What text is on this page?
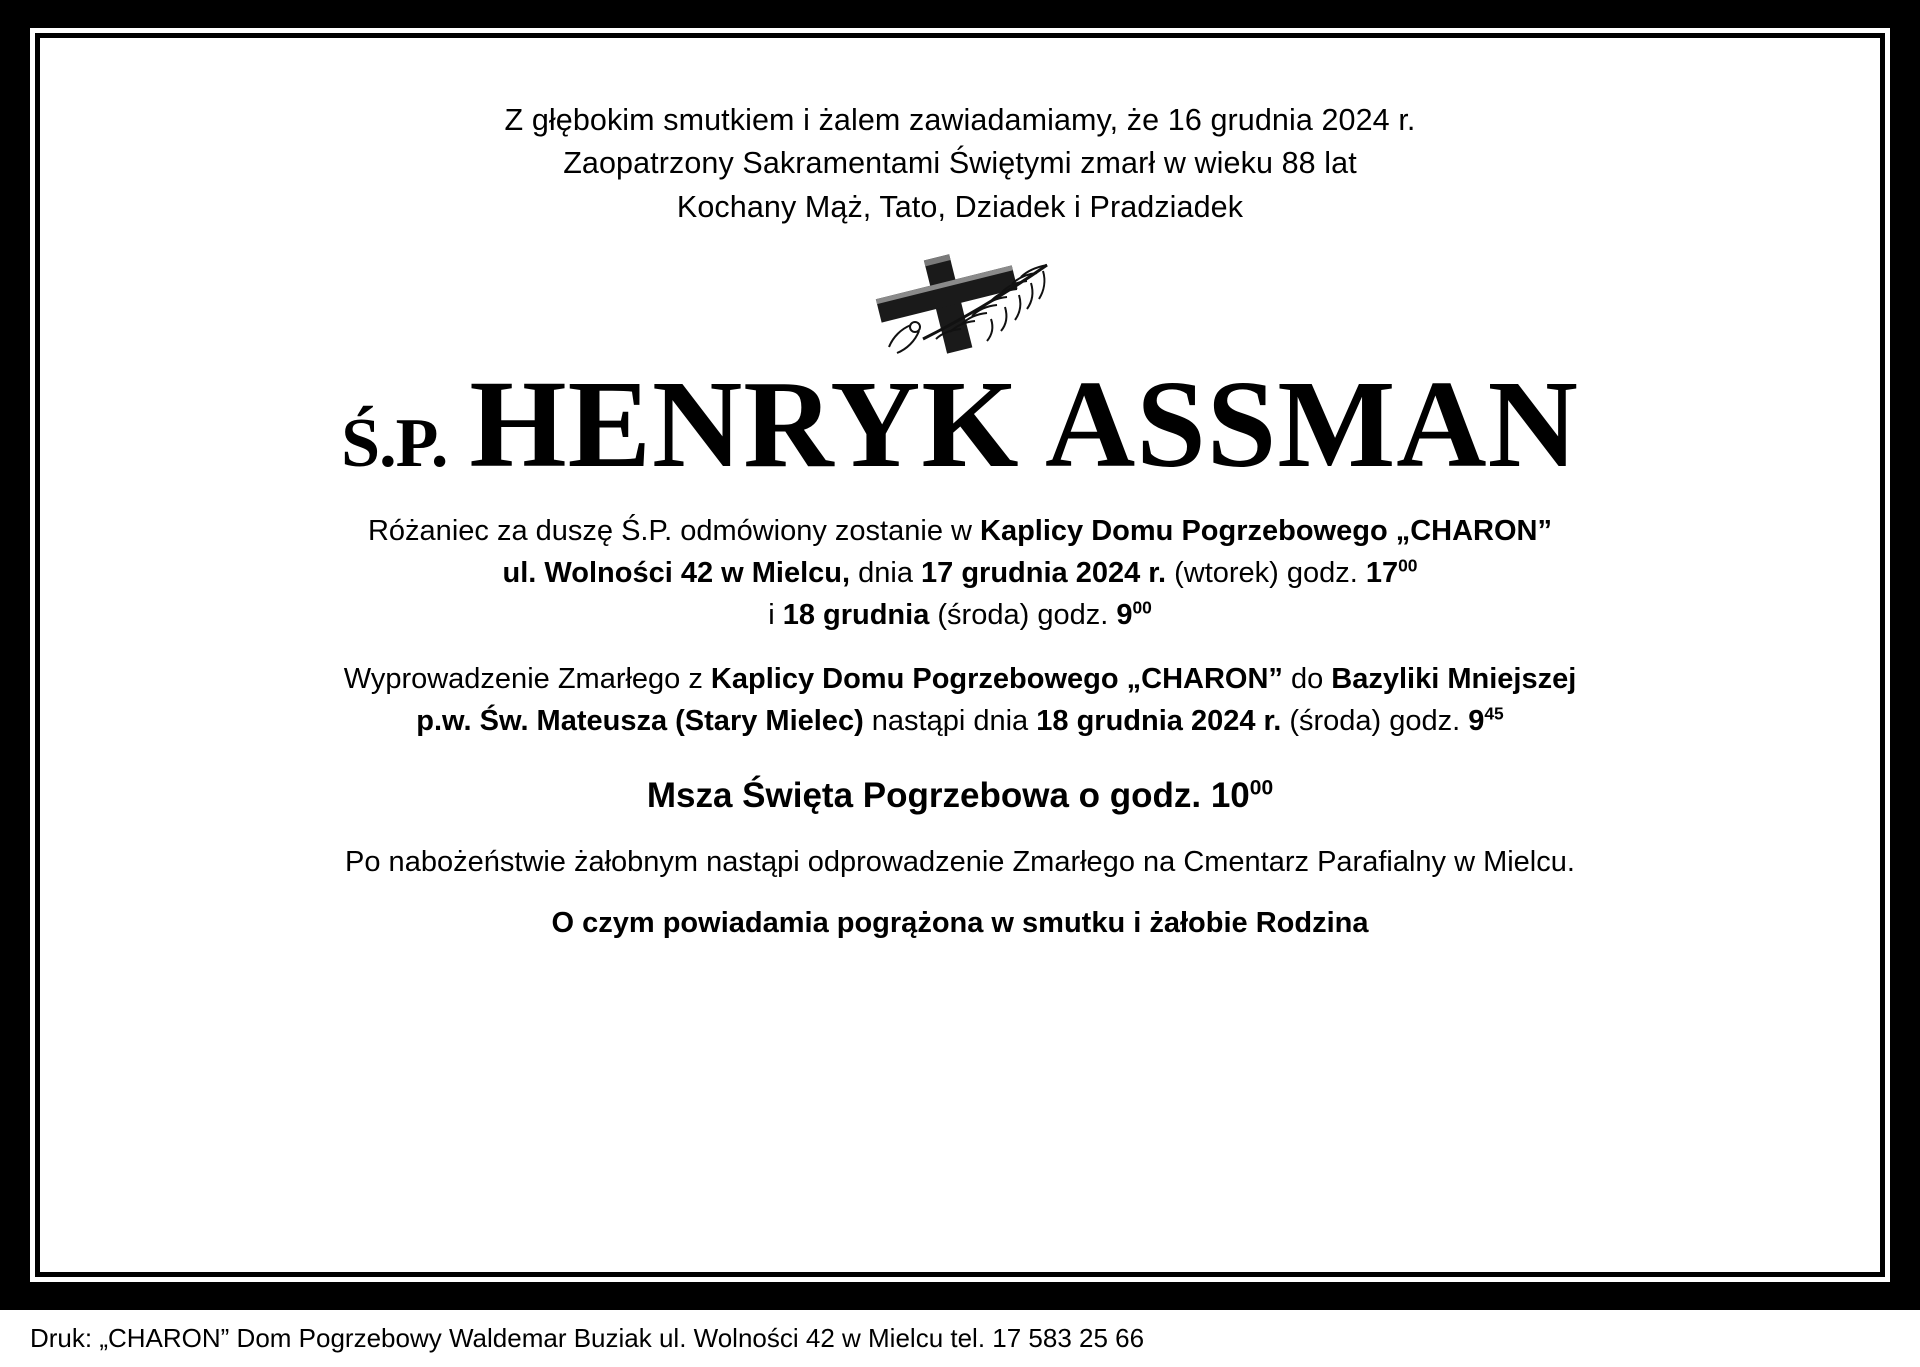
Z głębokim smutkiem i żalem zawiadamiamy, że 16 grudnia 2024 r.
Zaopatrzony Sakramentami Świętymi zmarł w wieku 88 lat
Kochany Mąż, Tato, Dziadek i Pradziadek
Ś.P. HENRYK ASSMAN
Różaniec za duszę Ś.P. odmówiony zostanie w Kaplicy Domu Pogrzebowego „CHARON”
ul. Wolności 42 w Mielcu, dnia 17 grudnia 2024 r. (wtorek) godz. $17^{00}$
i 18 grudnia (środa) godz. $9^{00}$
Wyprowadzenie Zmarłego z Kaplicy Domu Pogrzebowego „CHARON” do Bazyliki Mniejszej
p.w. Św. Mateusza (Stary Mielec) nastąpi dnia 18 grudnia 2024 r. (środa) godz. $9^{45}$
Msza Święta Pogrzebowa o godz. $10^{00}$
Po nabożeństwie żałobnym nastąpi odprowadzenie Zmarłego na Cmentarz Parafialny w Mielcu.
O czym powiadamia pogrążona w smutku i żałobie Rodzina
Druk: „CHARON” Dom Pogrzebowy Waldemar Buziak ul. Wolności 42 w Mielcu tel. 17 583 25 66
